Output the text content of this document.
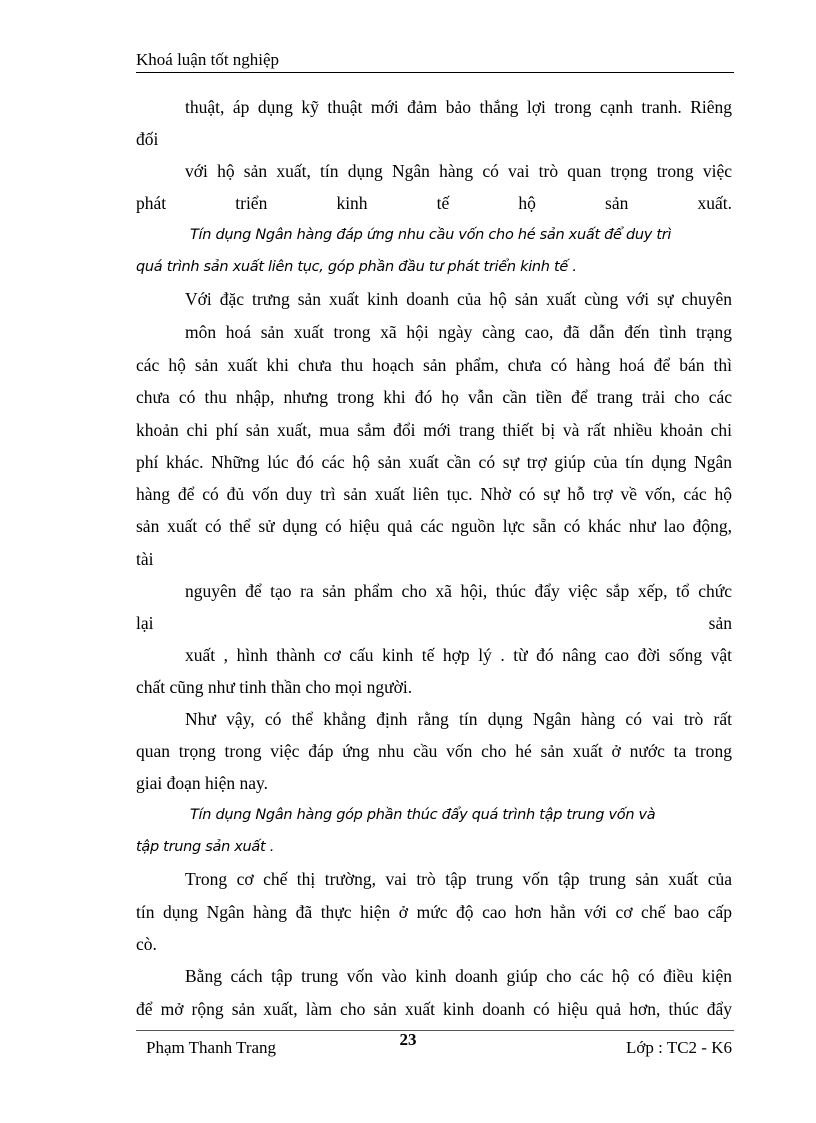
Khoá luận tốt nghiệp
thuật, áp dụng kỹ thuật mới đảm bảo thắng lợi trong cạnh tranh. Riêng
đối
với hộ sản xuất, tín dụng Ngân hàng có vai trò quan trọng trong việc
phát triển kinh tế hộ sản xuất.
Tín dụng Ngân hàng đáp ứng nhu cầu vốn cho hé sản xuất để duy trì
quá trình sản xuất liên tục, góp phần đầu tư phát triển kinh tế .
Với đặc trưng sản xuất kinh doanh của hộ sản xuất cùng với sự chuyên
môn hoá sản xuất trong xã hội ngày càng cao, đã dẫn đến tình trạng
các hộ sản xuất khi chưa thu hoạch sản phẩm, chưa có hàng hoá để bán thì
chưa có thu nhập, nhưng trong khi đó họ vẫn cần tiền để trang trải cho các
khoản chi phí sản xuất, mua sắm đổi mới trang thiết bị và rất nhiều khoản chi
phí khác. Những lúc đó các hộ sản xuất cần có sự trợ giúp của tín dụng Ngân
hàng để có đủ vốn duy trì sản xuất liên tục. Nhờ có sự hỗ trợ về vốn, các hộ
sản xuất có thể sử dụng có hiệu quả các nguồn lực sẵn có khác như lao động,
tài
nguyên để tạo ra sản phẩm cho xã hội, thúc đẩy việc sắp xếp, tổ chức
lại sản
xuất , hình thành cơ cấu kinh tế hợp lý . từ đó nâng cao đời sống vật
chất cũng như tinh thần cho mọi người.
Như vậy, có thể khẳng định rằng tín dụng Ngân hàng có vai trò rất
quan trọng trong việc đáp ứng nhu cầu vốn cho hé sản xuất ở nước ta trong
giai đoạn hiện nay.
Tín dụng Ngân hàng góp phần thúc đẩy quá trình tập trung vốn và
tập trung sản xuất .
Trong cơ chế thị trường, vai trò tập trung vốn tập trung sản xuất của
tín dụng Ngân hàng đã thực hiện ở mức độ cao hơn hẳn với cơ chế bao cấp
cò.
Bằng cách tập trung vốn vào kinh doanh giúp cho các hộ có điều kiện
để mở rộng sản xuất, làm cho sản xuất kinh doanh có hiệu quả hơn, thúc đẩy
Phạm Thanh Trang	23	Lớp : TC2 - K6
